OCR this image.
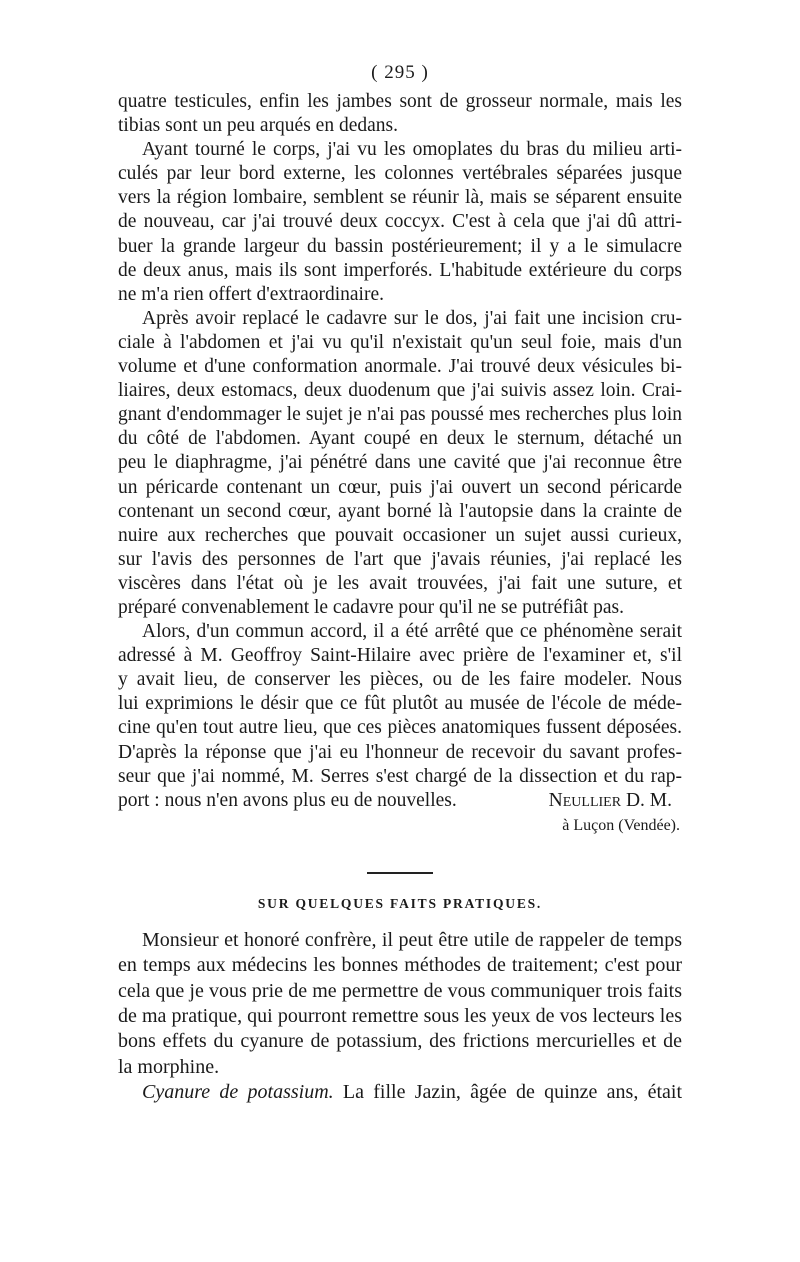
( 295 )
quatre testicules, enfin les jambes sont de grosseur normale, mais les
tibias sont un peu arqués en dedans.
Ayant tourné le corps, j'ai vu les omoplates du bras du milieu arti-
culés par leur bord externe, les colonnes vertébrales séparées jusque
vers la région lombaire, semblent se réunir là, mais se séparent ensuite
de nouveau, car j'ai trouvé deux coccyx. C'est à cela que j'ai dû attri-
buer la grande largeur du bassin postérieurement; il y a le simulacre
de deux anus, mais ils sont imperforés. L'habitude extérieure du corps
ne m'a rien offert d'extraordinaire.
Après avoir replacé le cadavre sur le dos, j'ai fait une incision cru-
ciale à l'abdomen et j'ai vu qu'il n'existait qu'un seul foie, mais d'un
volume et d'une conformation anormale. J'ai trouvé deux vésicules bi-
liaires, deux estomacs, deux duodenum que j'ai suivis assez loin. Crai-
gnant d'endommager le sujet je n'ai pas poussé mes recherches plus loin
du côté de l'abdomen. Ayant coupé en deux le sternum, détaché un
peu le diaphragme, j'ai pénétré dans une cavité que j'ai reconnue être
un péricarde contenant un cœur, puis j'ai ouvert un second péricarde
contenant un second cœur, ayant borné là l'autopsie dans la crainte de
nuire aux recherches que pouvait occasioner un sujet aussi curieux,
sur l'avis des personnes de l'art que j'avais réunies, j'ai replacé les
viscères dans l'état où je les avait trouvées, j'ai fait une suture, et
préparé convenablement le cadavre pour qu'il ne se putréfiât pas.
Alors, d'un commun accord, il a été arrêté que ce phénomène serait
adressé à M. Geoffroy Saint-Hilaire avec prière de l'examiner et, s'il
y avait lieu, de conserver les pièces, ou de les faire modeler. Nous
lui exprimions le désir que ce fût plutôt au musée de l'école de méde-
cine qu'en tout autre lieu, que ces pièces anatomiques fussent déposées.
D'après la réponse que j'ai eu l'honneur de recevoir du savant profes-
seur que j'ai nommé, M. Serres s'est chargé de la dissection et du rap-
port : nous n'en avons plus eu de nouvelles.	Neullier D. M.
à Luçon (Vendée).
SUR QUELQUES FAITS PRATIQUES.
Monsieur et honoré confrère, il peut être utile de rappeler de temps
en temps aux médecins les bonnes méthodes de traitement; c'est pour
cela que je vous prie de me permettre de vous communiquer trois faits
de ma pratique, qui pourront remettre sous les yeux de vos lecteurs les
bons effets du cyanure de potassium, des frictions mercurielles et de
la morphine.
Cyanure de potassium. La fille Jazin, âgée de quinze ans, était
